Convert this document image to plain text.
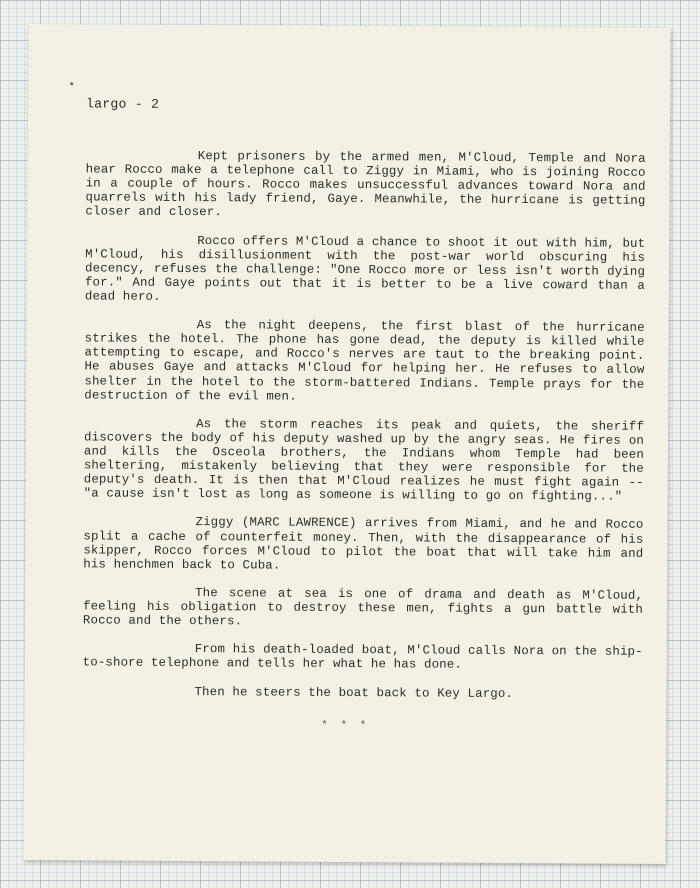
largo - 2

Kept prisoners by the armed men, M'Cloud, Temple and Nora hear Rocco make a telephone call to Ziggy in Miami, who is joining Rocco in a couple of hours. Rocco makes unsuccessful advances toward Nora and quarrels with his lady friend, Gaye. Meanwhile, the hurricane is getting closer and closer.

Rocco offers M'Cloud a chance to shoot it out with him, but M'Cloud, his disillusionment with the post-war world obscuring his decency, refuses the challenge: "One Rocco more or less isn't worth dying for." And Gaye points out that it is better to be a live coward than a dead hero.

As the night deepens, the first blast of the hurricane strikes the hotel. The phone has gone dead, the deputy is killed while attempting to escape, and Rocco's nerves are taut to the breaking point. He abuses Gaye and attacks M'Cloud for helping her. He refuses to allow shelter in the hotel to the storm-battered Indians. Temple prays for the destruction of the evil men.

As the storm reaches its peak and quiets, the sheriff discovers the body of his deputy washed up by the angry seas. He fires on and kills the Osceola brothers, the Indians whom Temple had been sheltering, mistakenly believing that they were responsible for the deputy's death. It is then that M'Cloud realizes he must fight again -- "a cause isn't lost as long as someone is willing to go on fighting..."

Ziggy (MARC LAWRENCE) arrives from Miami, and he and Rocco split a cache of counterfeit money. Then, with the disappearance of his skipper, Rocco forces M'Cloud to pilot the boat that will take him and his henchmen back to Cuba.

The scene at sea is one of drama and death as M'Cloud, feeling his obligation to destroy these men, fights a gun battle with Rocco and the others.

From his death-loaded boat, M'Cloud calls Nora on the ship-to-shore telephone and tells her what he has done.

Then he steers the boat back to Key Largo.

* * *
